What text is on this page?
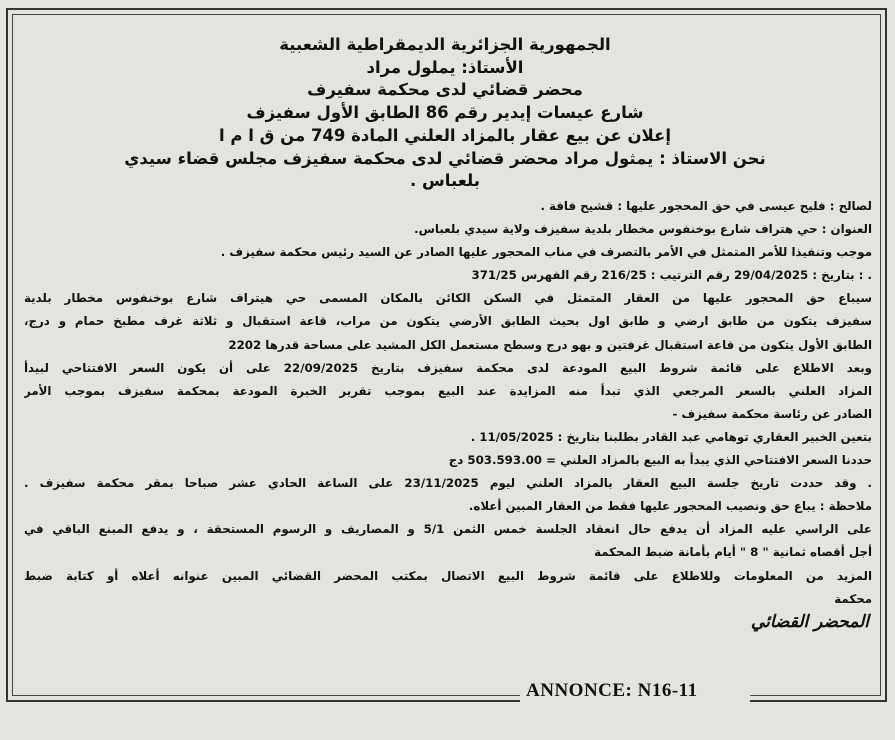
ANNONCE: N16-11
الجمهورية الجزائرية الديمقراطية الشعبية
الأستاذ: يملول مراد
محضر قضائي لدى محكمة سفيرف
شارع عيسات إيدير رقم 86 الطابق الأول سفيزف
إعلان عن بيع عقار بالمزاد العلني المادة 749 من ق ا م ا
نحن الاستاذ : يمثول مراد محضر قضائي لدى محكمة سفيزف مجلس قضاء سيدي
بلعباس .
لصالح : فليح عيسى في حق المحجور عليها : قشيح فافة .
العنوان : حي هتراف شارع بوخنفوس مخطار بلدية سفيزف ولاية سيدي بلعباس.
موجب وتنفيذا للأمر المتمثل في الأمر بالتصرف في مناب المحجور عليها الصادر عن السيد رئيس محكمة سفيزف .
. : بتاريخ : 29/04/2025 رقم الترتيب : 216/25 رقم الفهرس 371/25
سيباع حق المحجور عليها من العقار المتمثل في السكن الكائن بالمكان المسمى حي هيتراف شارع بوخنفوس مخطار بلدية
سفيزف يتكون من طابق ارضي و طابق اول بحيث الطابق الأرضي يتكون من مراب، قاعة استقبال و ثلاثة غرف مطبخ حمام و درج،
الطابق الأول يتكون من قاعة استقبال غرفتين و بهو درج وسطح مستعمل الكل المشيد على مساحة قدرها 2202
وبعد الاطلاع على قائمة شروط البيع المودعة لدى محكمة سفيزف بتاريخ 22/09/2025 على أن يكون السعر الافتتاحي لبيدأ
المزاد العلني بالسعر المرجعي الذي تبدأ منه المزايدة عند البيع بموجب تقرير الخبرة المودعة بمحكمة سفيزف بموجب الأمر
الصادر عن رئاسة محكمة سفيزف -
بتعين الخبير العقاري توهامي عبد القادر بطلبنا بتاريخ : 11/05/2025 .
حددنا السعر الافتتاحي الذي يبدأ به البيع بالمزاد العلني = 503.593.00 دج
. وقد حددت تاريخ جلسة البيع العقار بالمزاد العلني ليوم 23/11/2025 على الساعة الحادي عشر صباحا بمقر محكمة سفيزف .
ملاحظة : يباع حق ونصيب المحجور عليها فقط من العقار المبين أعلاه.
على الراسي عليه المزاد أن يدفع حال انعقاد الجلسة خمس الثمن 5/1 و المصاريف و الرسوم المستحقة ، و يدفع المبنع الباقي في
أجل أقصاه ثمانية " 8 " أيام بأمانة ضبط المحكمة
المزيد من المعلومات وللاطلاع على قائمة شروط البيع الاتصال بمكتب المحضر القضائي المبين عنوانه أعلاه أو كتابة ضبط
محكمة
المحضر القضائي
